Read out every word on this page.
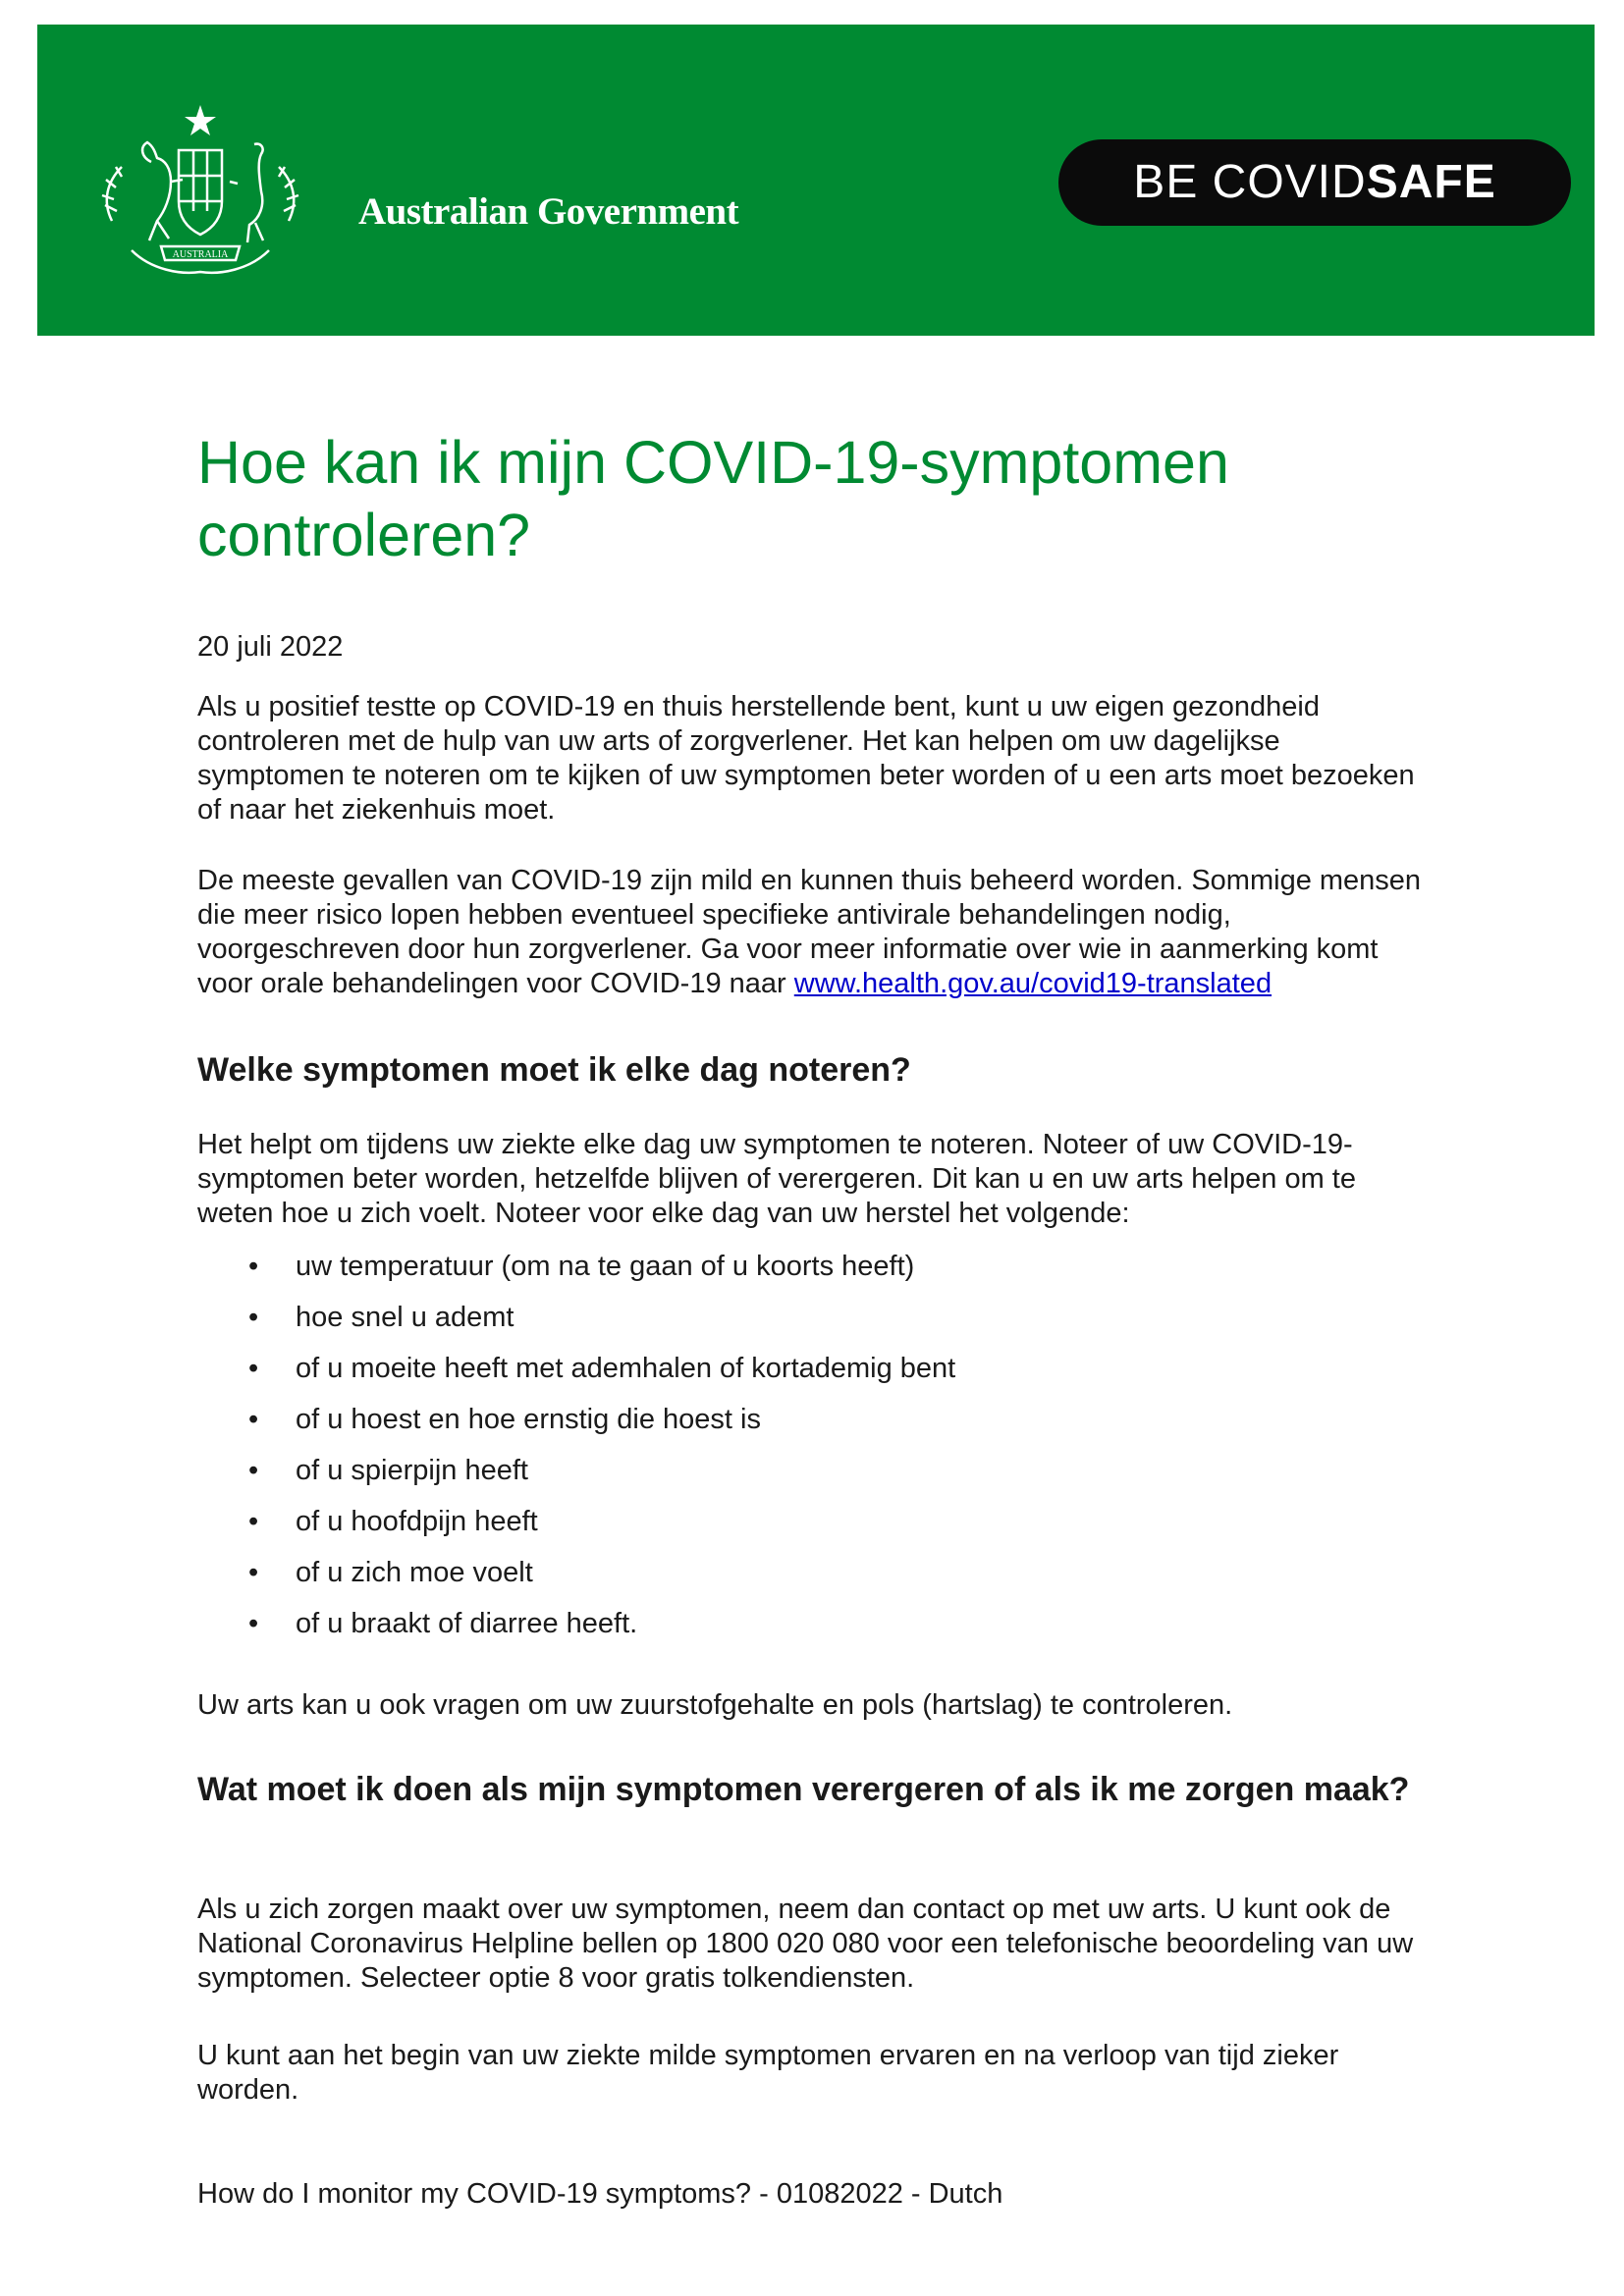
AUSTRALIA
Australian Government
BE COVIDSAFE
Hoe kan ik mijn COVID-19-symptomen controleren?

20 juli 2022

Als u positief testte op COVID-19 en thuis herstellende bent, kunt u uw eigen gezondheid controleren met de hulp van uw arts of zorgverlener. Het kan helpen om uw dagelijkse symptomen te noteren om te kijken of uw symptomen beter worden of u een arts moet bezoeken of naar het ziekenhuis moet.

De meeste gevallen van COVID-19 zijn mild en kunnen thuis beheerd worden. Sommige mensen die meer risico lopen hebben eventueel specifieke antivirale behandelingen nodig, voorgeschreven door hun zorgverlener. Ga voor meer informatie over wie in aanmerking komt voor orale behandelingen voor COVID-19 naar www.health.gov.au/covid19-translated

Welke symptomen moet ik elke dag noteren?

Het helpt om tijdens uw ziekte elke dag uw symptomen te noteren. Noteer of uw COVID-19-symptomen beter worden, hetzelfde blijven of verergeren. Dit kan u en uw arts helpen om te weten hoe u zich voelt. Noteer voor elke dag van uw herstel het volgende:

• uw temperatuur (om na te gaan of u koorts heeft)
• hoe snel u ademt
• of u moeite heeft met ademhalen of kortademig bent
• of u hoest en hoe ernstig die hoest is
• of u spierpijn heeft
• of u hoofdpijn heeft
• of u zich moe voelt
• of u braakt of diarree heeft.

Uw arts kan u ook vragen om uw zuurstofgehalte en pols (hartslag) te controleren.

Wat moet ik doen als mijn symptomen verergeren of als ik me zorgen maak?

Als u zich zorgen maakt over uw symptomen, neem dan contact op met uw arts. U kunt ook de National Coronavirus Helpline bellen op 1800 020 080 voor een telefonische beoordeling van uw symptomen. Selecteer optie 8 voor gratis tolkendiensten.

U kunt aan het begin van uw ziekte milde symptomen ervaren en na verloop van tijd zieker worden.

How do I monitor my COVID-19 symptoms? - 01082022 - Dutch
